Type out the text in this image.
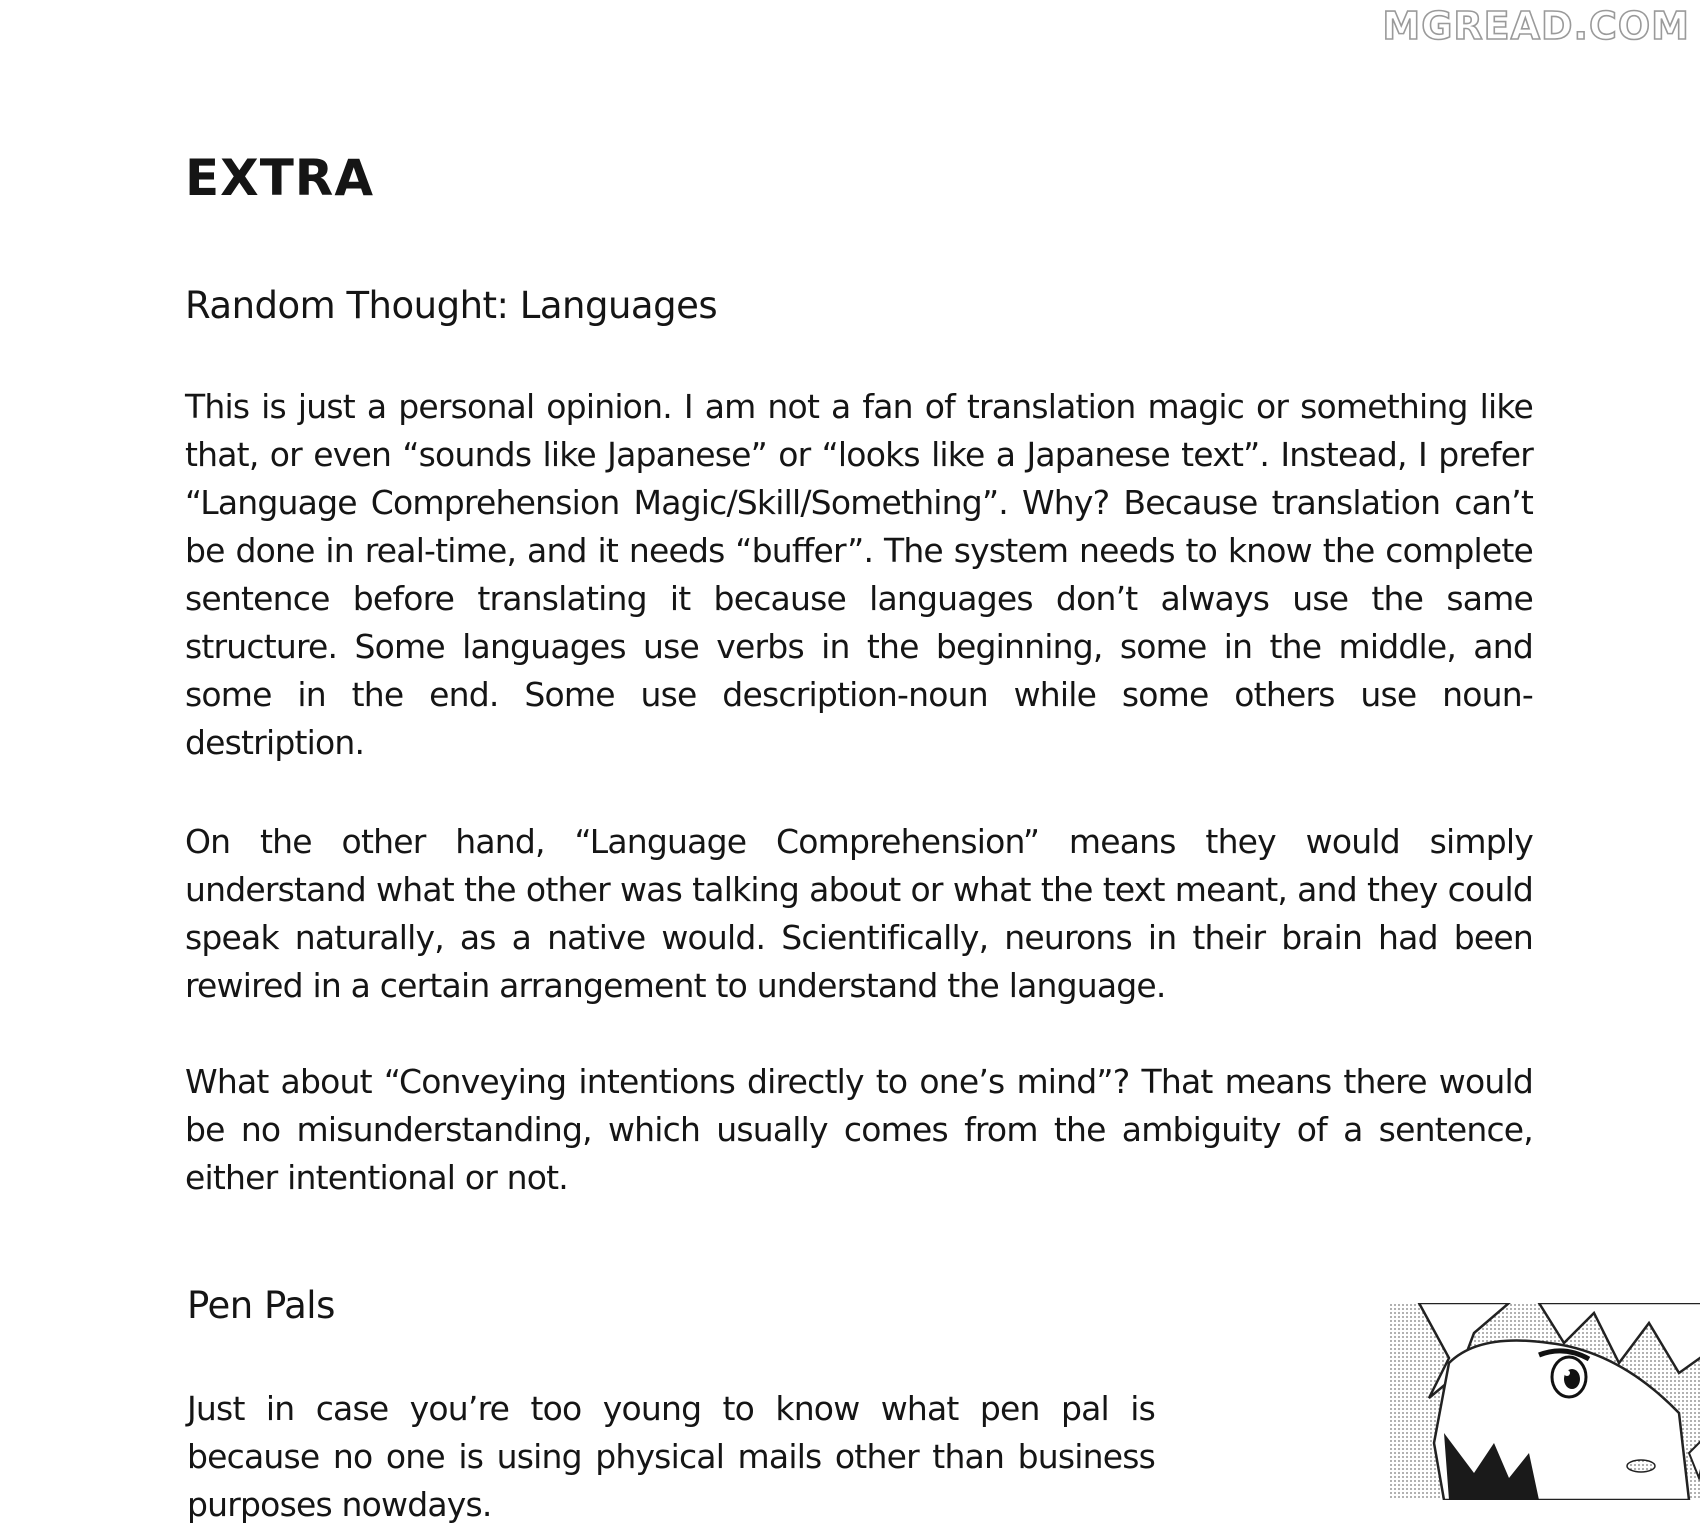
MGREAD.COM
EXTRA
Random Thought: Languages

This is just a personal opinion. I am not a fan of translation magic or something like that, or even “sounds like Japanese” or “looks like a Japanese text”. Instead, I prefer “Language Comprehension Magic/Skill/Something”. Why? Because translation can’t be done in real-time, and it needs “buffer”. The system needs to know the complete sentence before translating it because languages don’t always use the same structure. Some languages use verbs in the beginning, some in the middle, and some in the end. Some use description-noun while some others use noun-destription.

On the other hand, “Language Comprehension” means they would simply understand what the other was talking about or what the text meant, and they could speak naturally, as a native would. Scientifically, neurons in their brain had been rewired in a certain arrangement to understand the language.

What about “Conveying intentions directly to one’s mind”? That means there would be no misunderstanding, which usually comes from the ambiguity of a sentence, either intentional or not.

Pen Pals

Just in case you’re too young to know what pen pal is because no one is using physical mails other than business purposes nowdays.
